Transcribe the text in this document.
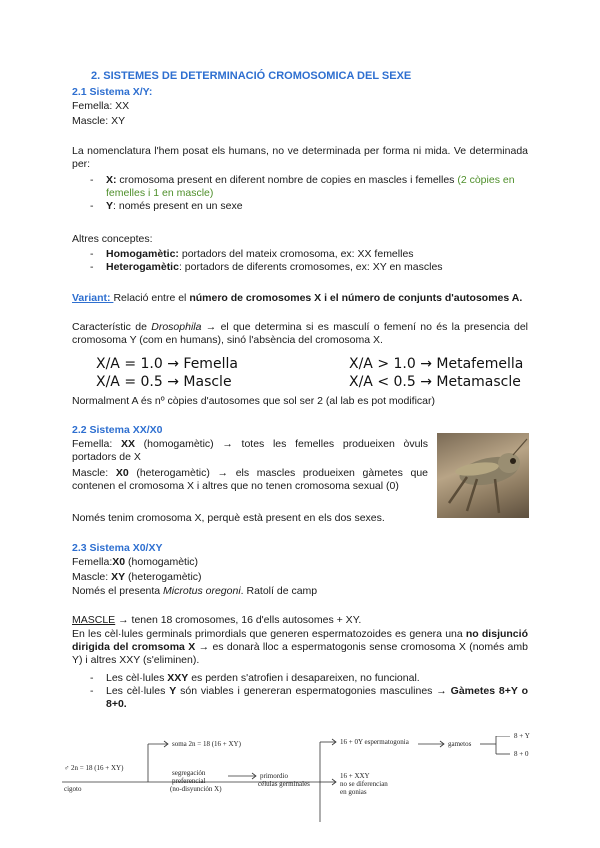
2. SISTEMES DE DETERMINACIÓ CROMOSOMICA DEL SEXE
2.1 Sistema X/Y:
Femella: XX
Mascle: XY
La nomenclatura l'hem posat els humans, no ve determinada per forma ni mida. Ve determinada per:
- X: cromosoma present en diferent nombre de copies en mascles i femelles (2 còpies en femelles i 1 en mascle)
- Y: només present en un sexe
Altres conceptes:
- Homogamètic: portadors del mateix cromosoma, ex: XX femelles
- Heterogamètic: portadors de diferents cromosomes, ex: XY en mascles
Variant: Relació entre el número de cromosomes X i el número de conjunts d'autosomes A.
Característic de Drosophila → el que determina si es masculí o femení no és la presencia del cromosoma Y (com en humans), sinó l'absència del cromosoma X.
X/A = 1.0 → Femella
X/A = 0.5 → Mascle
X/A > 1.0 → Metafemella
X/A < 0.5 → Metamascle
Normalment A és nº còpies d'autosomes que sol ser 2 (al lab es pot modificar)
2.2 Sistema XX/X0
Femella: XX (homogamètic) → totes les femelles produeixen òvuls portadors de X
Mascle: X0 (heterogamètic) → els mascles produeixen gàmetes que contenen el cromosoma X i altres que no tenen cromosoma sexual (0)
Només tenim cromosoma X, perquè està present en els dos sexes.
2.3 Sistema X0/XY
Femella:X0 (homogamètic)
Mascle: XY (heterogamètic)
Només el presenta Microtus oregoni. Ratolí de camp
MASCLE → tenen 18 cromosomes, 16 d'ells autosomes + XY.
En les cèl·lules germinals primordials que generen espermatozoides es genera una no disjunció dirigida del cromsoma X → es donarà lloc a espermatogonis sense cromosoma X (només amb Y) i altres XXY (s'eliminen).
- Les cèl·lules XXY es perden s'atrofien i desapareixen, no funcional.
- Les cèl·lules Y són viables i genereran espermatogonies masculines → Gàmetes 8+Y o 8+0.
♂ 2n = 18 (16 + XY)
cigoto
soma 2n = 18 (16 + XY)
segregación
preferencial
(no-disyunción X)
primordio
células germinales
16 + 0Y espermatogonia	gametos
8 + Y
8 + 0
16 + XXY
no se diferencian
en gonias
